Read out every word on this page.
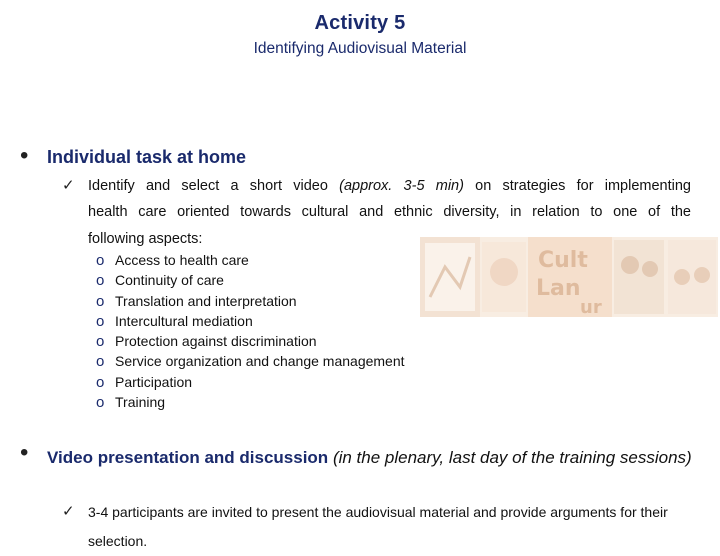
Activity 5
Identifying Audiovisual Material
Cult
Lan
ur
• Individual task at home
✓ Identify and select a short video (approx. 3-5 min) on strategies for implementing
health care oriented towards cultural and ethnic diversity, in relation to one of the
following aspects:
o Access to health care
o Continuity of care
o Translation and interpretation
o Intercultural mediation
o Protection against discrimination
o Service organization and change management
o Participation
o Training
• Video presentation and discussion (in the plenary, last day of the training sessions)
✓ 3-4 participants are invited to present the audiovisual material and provide arguments for their selection.
